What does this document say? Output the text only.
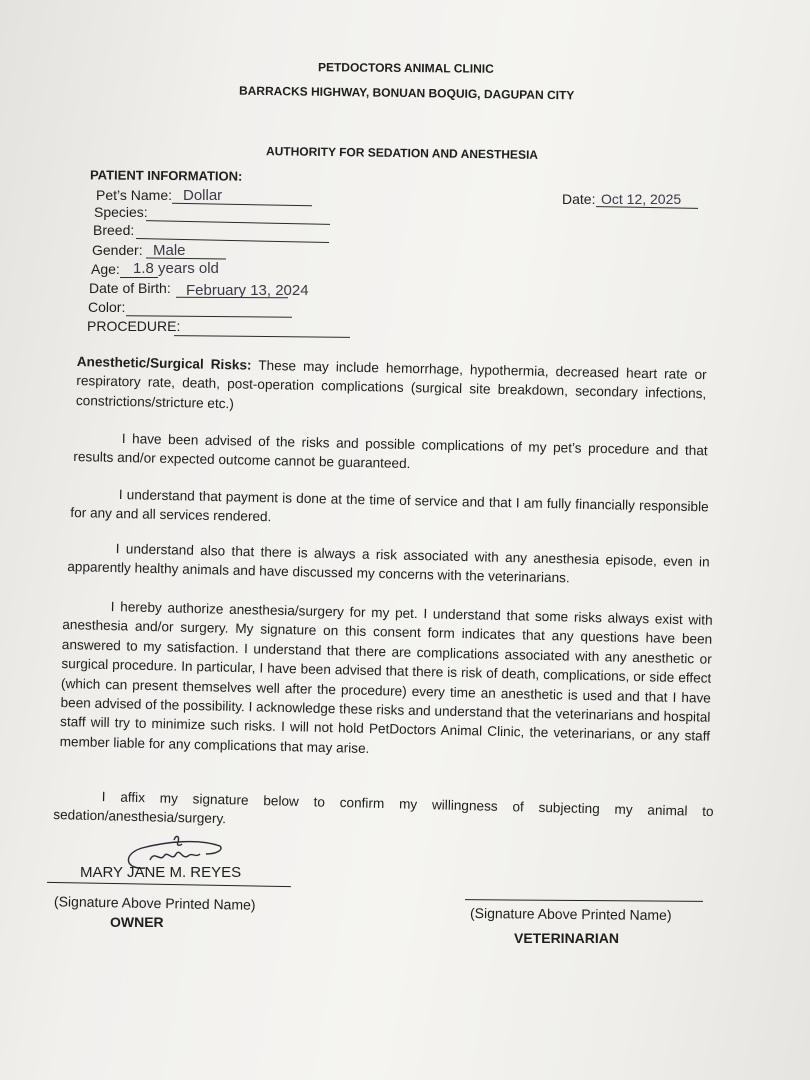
PETDOCTORS ANIMAL CLINIC
BARRACKS HIGHWAY, BONUAN BOQUIG, DAGUPAN CITY
AUTHORITY FOR SEDATION AND ANESTHESIA
PATIENT INFORMATION:
Pet’s Name: Dollar	Date: Oct 12, 2025
Species:
Breed:
Gender: Male
Age: 1.8 years old
Date of Birth: February 13, 2024
Color:
PROCEDURE:
Anesthetic/Surgical Risks: These may include hemorrhage, hypothermia, decreased heart rate or respiratory rate, death, post-operation complications (surgical site breakdown, secondary infections, constrictions/stricture etc.)
I have been advised of the risks and possible complications of my pet’s procedure and that results and/or expected outcome cannot be guaranteed.
I understand that payment is done at the time of service and that I am fully financially responsible for any and all services rendered.
I understand also that there is always a risk associated with any anesthesia episode, even in apparently healthy animals and have discussed my concerns with the veterinarians.
I hereby authorize anesthesia/surgery for my pet. I understand that some risks always exist with anesthesia and/or surgery. My signature on this consent form indicates that any questions have been answered to my satisfaction. I understand that there are complications associated with any anesthetic or surgical procedure. In particular, I have been advised that there is risk of death, complications, or side effect (which can present themselves well after the procedure) every time an anesthetic is used and that I have been advised of the possibility. I acknowledge these risks and understand that the veterinarians and hospital staff will try to minimize such risks. I will not hold PetDoctors Animal Clinic, the veterinarians, or any staff member liable for any complications that may arise.
I affix my signature below to confirm my willingness of subjecting my animal to sedation/anesthesia/surgery.
MARY JANE M. REYES
(Signature Above Printed Name)
OWNER	(Signature Above Printed Name)
VETERINARIAN
